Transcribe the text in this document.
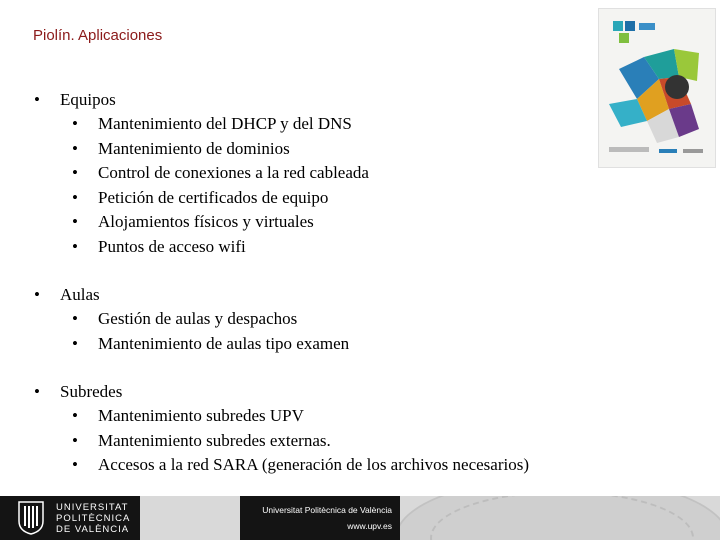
Piolín. Aplicaciones
•	Equipos
•	Mantenimiento del DHCP y del DNS
•	Mantenimiento de dominios
•	Control de conexiones a la red cableada
•	Petición de certificados de equipo
•	Alojamientos físicos y virtuales
•	Puntos de acceso wifi
•	Aulas
•	Gestión de aulas y despachos
•	Mantenimiento de aulas tipo examen
•	Subredes
•	Mantenimiento subredes UPV
•	Mantenimiento subredes externas.
•	Accesos a la red SARA (generación de los archivos necesarios)
UNIVERSITAT
POLITÈCNICA
DE VALÈNCIA
Universitat Politècnica de València
www.upv.es
